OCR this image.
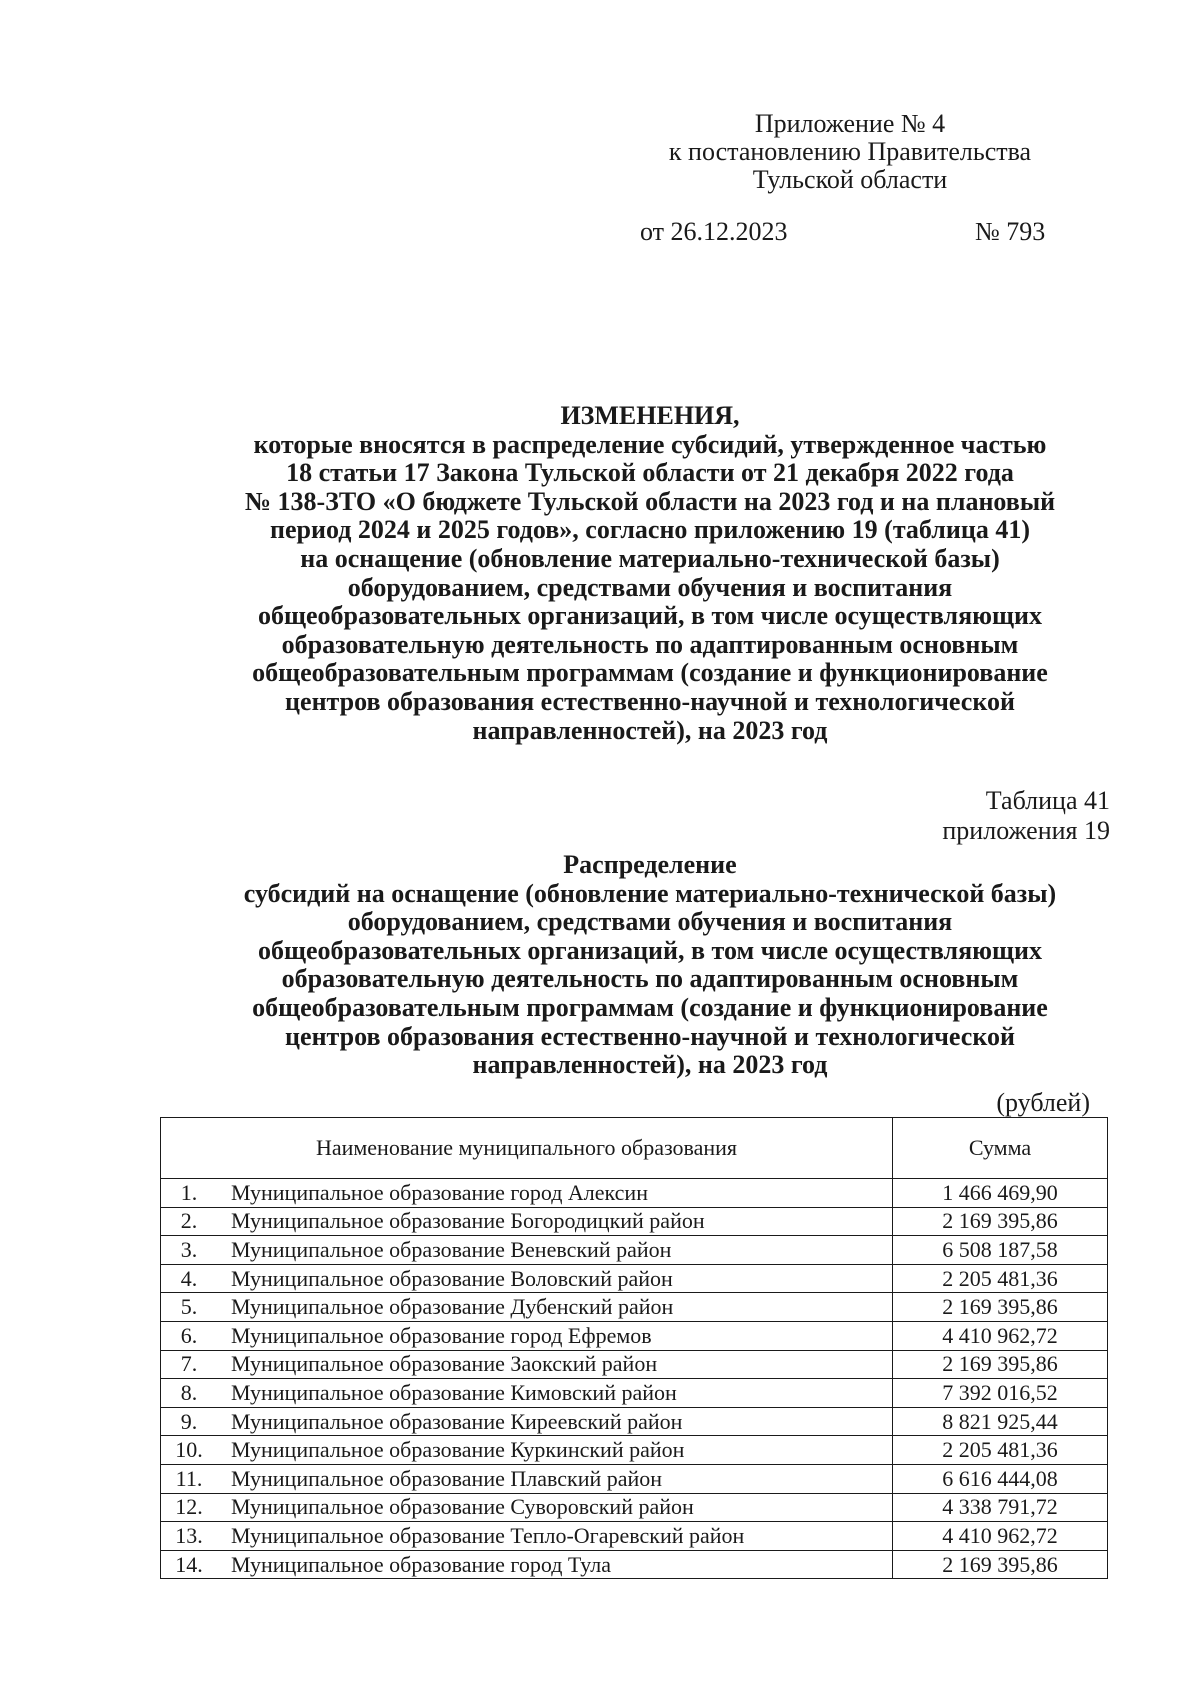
Приложение № 4
к постановлению Правительства
Тульской области
от 26.12.2023	№ 793
ИЗМЕНЕНИЯ,
которые вносятся в распределение субсидий, утвержденное частью
18 статьи 17 Закона Тульской области от 21 декабря 2022 года
№ 138-ЗТО «О бюджете Тульской области на 2023 год и на плановый
период 2024 и 2025 годов», согласно приложению 19 (таблица 41)
на оснащение (обновление материально-технической базы)
оборудованием, средствами обучения и воспитания
общеобразовательных организаций, в том числе осуществляющих
образовательную деятельность по адаптированным основным
общеобразовательным программам (создание и функционирование
центров образования естественно-научной и технологической
направленностей), на 2023 год
Таблица 41
приложения 19
Распределение
субсидий на оснащение (обновление материально-технической базы)
оборудованием, средствами обучения и воспитания
общеобразовательных организаций, в том числе осуществляющих
образовательную деятельность по адаптированным основным
общеобразовательным программам (создание и функционирование
центров образования естественно-научной и технологической
направленностей), на 2023 год
(рублей)
Наименование муниципального образования		Сумма
1.	Муниципальное образование город Алексин	1 466 469,90
2.	Муниципальное образование Богородицкий район	2 169 395,86
3.	Муниципальное образование Веневский район	6 508 187,58
4.	Муниципальное образование Воловский район	2 205 481,36
5.	Муниципальное образование Дубенский район	2 169 395,86
6.	Муниципальное образование город Ефремов	4 410 962,72
7.	Муниципальное образование Заокский район	2 169 395,86
8.	Муниципальное образование Кимовский район	7 392 016,52
9.	Муниципальное образование Киреевский район	8 821 925,44
10.	Муниципальное образование Куркинский район	2 205 481,36
11.	Муниципальное образование Плавский район	6 616 444,08
12.	Муниципальное образование Суворовский район	4 338 791,72
13.	Муниципальное образование Тепло-Огаревский район	4 410 962,72
14.	Муниципальное образование город Тула	2 169 395,86
